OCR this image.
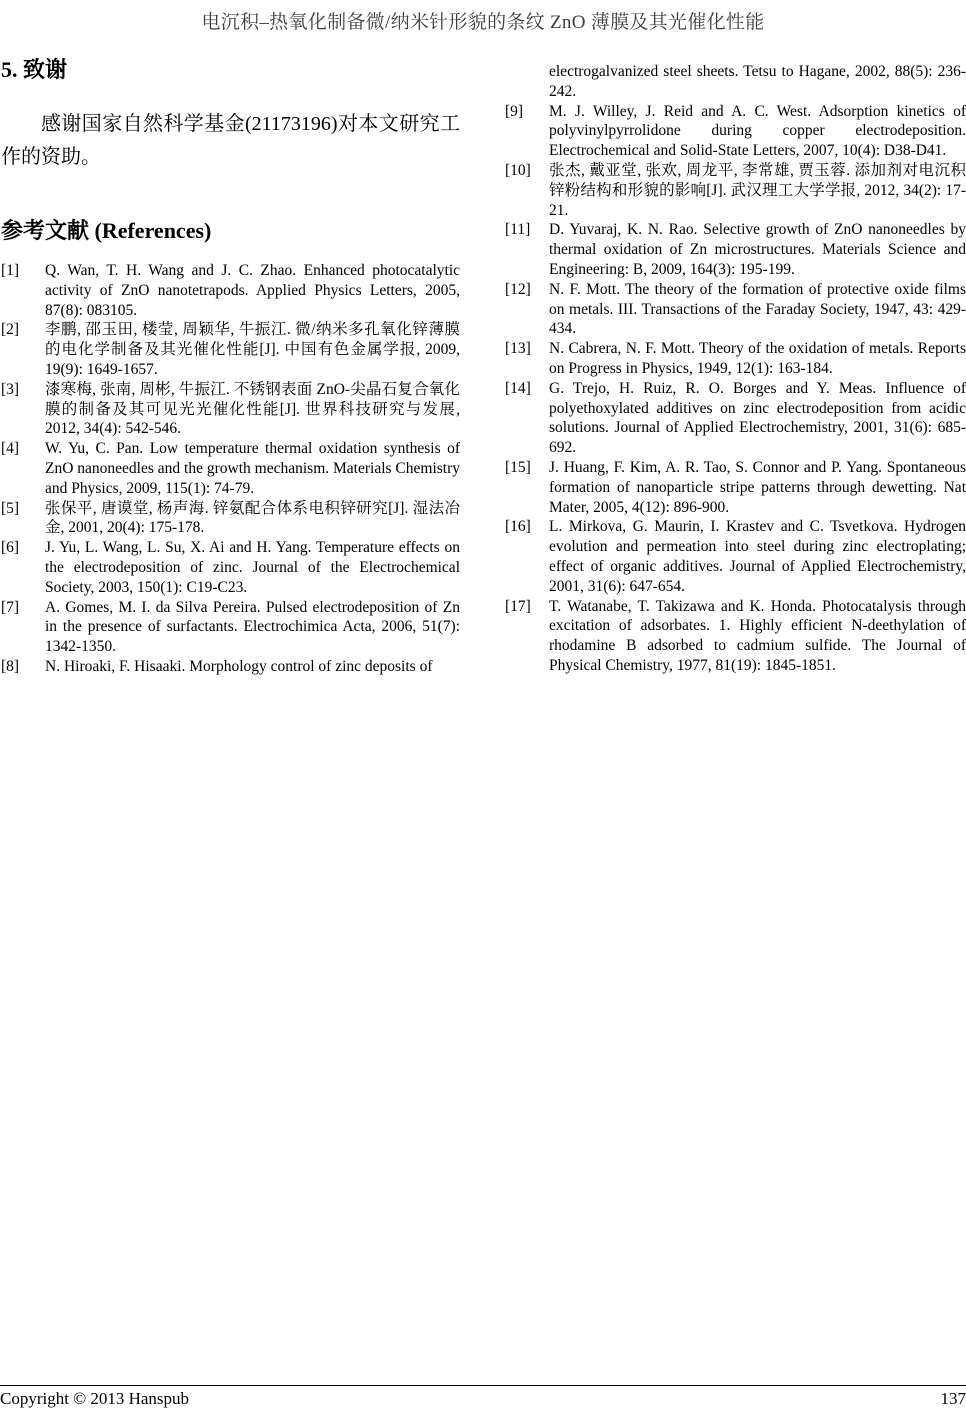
电沉积–热氧化制备微/纳米针形貌的条纹 ZnO 薄膜及其光催化性能
5. 致谢

感谢国家自然科学基金(21173196)对本文研究工作的资助。

参考文献 (References)
[1]	Q. Wan, T. H. Wang and J. C. Zhao. Enhanced photocatalytic activity of ZnO nanotetrapods. Applied Physics Letters, 2005, 87(8): 083105.
[2]	李鹏, 邵玉田, 楼莹, 周颖华, 牛振江. 微/纳米多孔氧化锌薄膜的电化学制备及其光催化性能[J]. 中国有色金属学报, 2009, 19(9): 1649-1657.
[3]	漆寒梅, 张南, 周彬, 牛振江. 不锈钢表面 ZnO-尖晶石复合氧化膜的制备及其可见光光催化性能[J]. 世界科技研究与发展, 2012, 34(4): 542-546.
[4]	W. Yu, C. Pan. Low temperature thermal oxidation synthesis of ZnO nanoneedles and the growth mechanism. Materials Chemistry and Physics, 2009, 115(1): 74-79.
[5]	张保平, 唐谟堂, 杨声海. 锌氨配合体系电积锌研究[J]. 湿法冶金, 2001, 20(4): 175-178.
[6]	J. Yu, L. Wang, L. Su, X. Ai and H. Yang. Temperature effects on the electrodeposition of zinc. Journal of the Electrochemical Society, 2003, 150(1): C19-C23.
[7]	A. Gomes, M. I. da Silva Pereira. Pulsed electrodeposition of Zn in the presence of surfactants. Electrochimica Acta, 2006, 51(7): 1342-1350.
[8]	N. Hiroaki, F. Hisaaki. Morphology control of zinc deposits of
electrogalvanized steel sheets. Tetsu to Hagane, 2002, 88(5): 236-242.
[9]	M. J. Willey, J. Reid and A. C. West. Adsorption kinetics of polyvinylpyrrolidone during copper electrodeposition. Electrochemical and Solid-State Letters, 2007, 10(4): D38-D41.
[10]	张杰, 戴亚堂, 张欢, 周龙平, 李常雄, 贾玉蓉. 添加剂对电沉积锌粉结构和形貌的影响[J]. 武汉理工大学学报, 2012, 34(2): 17-21.
[11]	D. Yuvaraj, K. N. Rao. Selective growth of ZnO nanoneedles by thermal oxidation of Zn microstructures. Materials Science and Engineering: B, 2009, 164(3): 195-199.
[12]	N. F. Mott. The theory of the formation of protective oxide films on metals. III. Transactions of the Faraday Society, 1947, 43: 429-434.
[13]	N. Cabrera, N. F. Mott. Theory of the oxidation of metals. Reports on Progress in Physics, 1949, 12(1): 163-184.
[14]	G. Trejo, H. Ruiz, R. O. Borges and Y. Meas. Influence of polyethoxylated additives on zinc electrodeposition from acidic solutions. Journal of Applied Electrochemistry, 2001, 31(6): 685-692.
[15]	J. Huang, F. Kim, A. R. Tao, S. Connor and P. Yang. Spontaneous formation of nanoparticle stripe patterns through dewetting. Nat Mater, 2005, 4(12): 896-900.
[16]	L. Mirkova, G. Maurin, I. Krastev and C. Tsvetkova. Hydrogen evolution and permeation into steel during zinc electroplating; effect of organic additives. Journal of Applied Electrochemistry, 2001, 31(6): 647-654.
[17]	T. Watanabe, T. Takizawa and K. Honda. Photocatalysis through excitation of adsorbates. 1. Highly efficient N-deethylation of rhodamine B adsorbed to cadmium sulfide. The Journal of Physical Chemistry, 1977, 81(19): 1845-1851.
Copyright © 2013 Hanspub	137
